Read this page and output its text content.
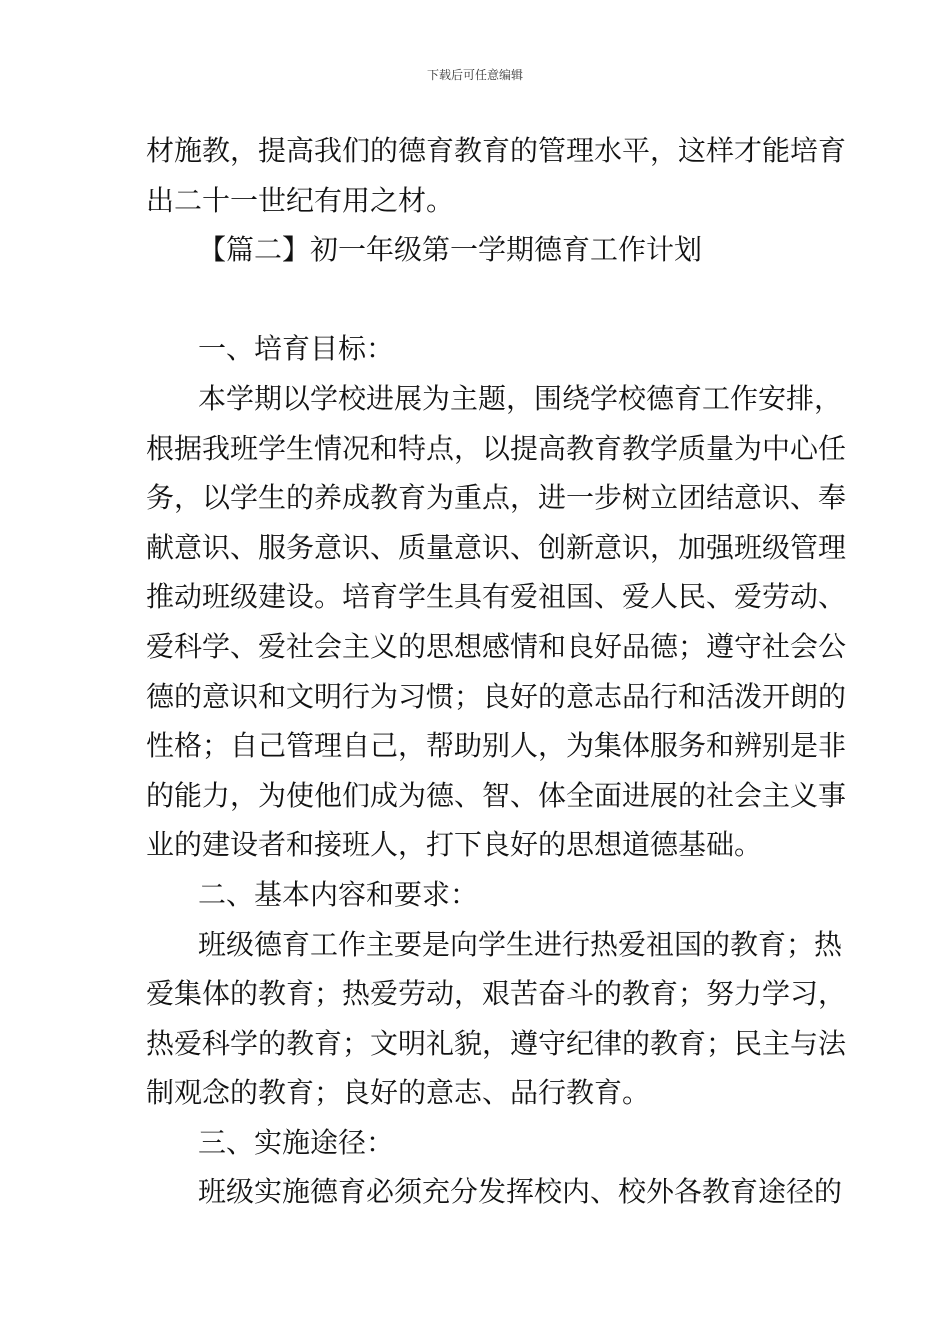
下载后可任意编辑
材施教，提高我们的德育教育的管理水平，这样才能培育
出二十一世纪有用之材。
【篇二】初一年级第一学期德育工作计划
一、培育目标：
本学期以学校进展为主题，围绕学校德育工作安排，
根据我班学生情况和特点，以提高教育教学质量为中心任
务，以学生的养成教育为重点，进一步树立团结意识、奉
献意识、服务意识、质量意识、创新意识，加强班级管理
推动班级建设。培育学生具有爱祖国、爱人民、爱劳动、
爱科学、爱社会主义的思想感情和良好品德；遵守社会公
德的意识和文明行为习惯；良好的意志品行和活泼开朗的
性格；自己管理自己，帮助别人，为集体服务和辨别是非
的能力，为使他们成为德、智、体全面进展的社会主义事
业的建设者和接班人，打下良好的思想道德基础。
二、基本内容和要求：
班级德育工作主要是向学生进行热爱祖国的教育；热
爱集体的教育；热爱劳动，艰苦奋斗的教育；努力学习，
热爱科学的教育；文明礼貌，遵守纪律的教育；民主与法
制观念的教育；良好的意志、品行教育。
三、实施途径：
班级实施德育必须充分发挥校内、校外各教育途径的
